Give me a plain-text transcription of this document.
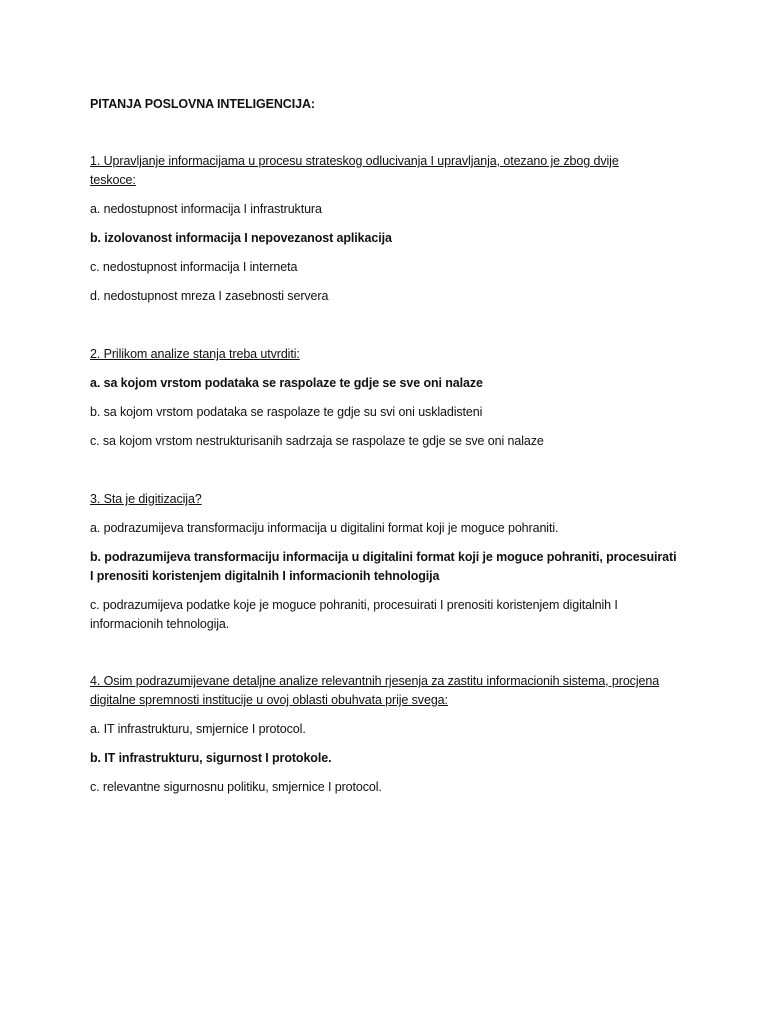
PITANJA POSLOVNA INTELIGENCIJA:

1. Upravljanje informacijama u procesu strateskog odlucivanja I upravljanja, otezano je zbog dvije teskoce:

a. nedostupnost informacija I infrastruktura

b. izolovanost informacija I nepovezanost aplikacija

c. nedostupnost informacija I interneta

d. nedostupnost mreza I zasebnosti servera

2. Prilikom analize stanja treba utvrditi:

a. sa kojom vrstom podataka se raspolaze te gdje se sve oni nalaze

b. sa kojom vrstom podataka se raspolaze te gdje su svi oni uskladisteni

c. sa kojom vrstom nestrukturisanih sadrzaja se raspolaze te gdje se sve oni nalaze

3. Sta je digitizacija?

a. podrazumijeva transformaciju informacija u digitalini format koji je moguce pohraniti.

b. podrazumijeva transformaciju informacija u digitalini format koji je moguce pohraniti, procesuirati I prenositi koristenjem digitalnih I informacionih tehnologija

c. podrazumijeva podatke koje je moguce pohraniti, procesuirati I prenositi koristenjem digitalnih I informacionih tehnologija.

4. Osim podrazumijevane detaljne analize relevantnih rjesenja za zastitu informacionih sistema, procjena digitalne spremnosti institucije u ovoj oblasti obuhvata prije svega:

a. IT infrastrukturu, smjernice I protocol.

b. IT infrastrukturu, sigurnost I protokole.

c. relevantne sigurnosnu politiku, smjernice I protocol.
